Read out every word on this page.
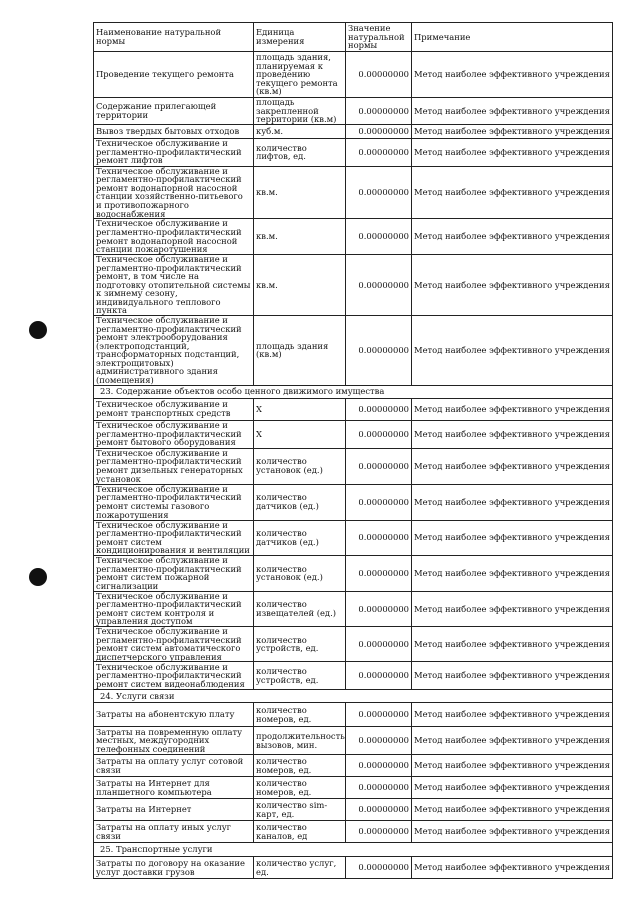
Наименование натуральной нормы	Единица измерения	Значение натуральной нормы	Примечание
Проведение текущего ремонта	площадь здания, планируемая к проведению текущего ремонта (кв.м)	0.00000000	Метод наиболее эффективного учреждения
Содержание прилегающей территории	площадь закрепленной территории (кв.м)	0.00000000	Метод наиболее эффективного учреждения
Вывоз твердых бытовых отходов	куб.м.	0.00000000	Метод наиболее эффективного учреждения
Техническое обслуживание и регламентно-профилактический ремонт лифтов	количество лифтов, ед.	0.00000000	Метод наиболее эффективного учреждения
Техническое обслуживание и регламентно-профилактический ремонт водонапорной насосной станции хозяйственно-питьевого и противопожарного водоснабжения	кв.м.	0.00000000	Метод наиболее эффективного учреждения
Техническое обслуживание и регламентно-профилактический ремонт водонапорной насосной станции пожаротушения	кв.м.	0.00000000	Метод наиболее эффективного учреждения
Техническое обслуживание и регламентно-профилактический ремонт, в том числе на подготовку отопительной системы к зимнему сезону, индивидуального теплового пункта	кв.м.	0.00000000	Метод наиболее эффективного учреждения
Техническое обслуживание и регламентно-профилактический ремонт электрооборудования (электроподстанций, трансформаторных подстанций, электрощитовых) административного здания (помещения)	площадь здания (кв.м)	0.00000000	Метод наиболее эффективного учреждения
23. Содержание объектов особо ценного движимого имущества			
Техническое обслуживание и ремонт транспортных средств	X	0.00000000	Метод наиболее эффективного учреждения
Техническое обслуживание и регламентно-профилактический ремонт бытового оборудования	X	0.00000000	Метод наиболее эффективного учреждения
Техническое обслуживание и регламентно-профилактический ремонт дизельных генераторных установок	количество установок (ед.)	0.00000000	Метод наиболее эффективного учреждения
Техническое обслуживание и регламентно-профилактический ремонт системы газового пожаротушения	количество датчиков (ед.)	0.00000000	Метод наиболее эффективного учреждения
Техническое обслуживание и регламентно-профилактический ремонт систем кондиционирования и вентиляции	количество датчиков (ед.)	0.00000000	Метод наиболее эффективного учреждения
Техническое обслуживание и регламентно-профилактический ремонт систем пожарной сигнализации	количество установок (ед.)	0.00000000	Метод наиболее эффективного учреждения
Техническое обслуживание и регламентно-профилактический ремонт систем контроля и управления доступом	количество извещателей (ед.)	0.00000000	Метод наиболее эффективного учреждения
Техническое обслуживание и регламентно-профилактический ремонт систем автоматического диспетчерского управления	количество устройств, ед.	0.00000000	Метод наиболее эффективного учреждения
Техническое обслуживание и регламентно-профилактический ремонт систем видеонаблюдения	количество устройств, ед.	0.00000000	Метод наиболее эффективного учреждения
24. Услуги связи			
Затраты на абонентскую плату	количество номеров, ед.	0.00000000	Метод наиболее эффективного учреждения
Затраты на повременную оплату местных, междугородних телефонных соединений	продолжительность вызовов, мин.	0.00000000	Метод наиболее эффективного учреждения
Затраты на оплату услуг сотовой связи	количество номеров, ед.	0.00000000	Метод наиболее эффективного учреждения
Затраты на Интернет для планшетного компьютера	количество номеров, ед.	0.00000000	Метод наиболее эффективного учреждения
Затраты на Интернет	количество sim-карт, ед.	0.00000000	Метод наиболее эффективного учреждения
Затраты на оплату иных услуг связи	количество каналов, ед	0.00000000	Метод наиболее эффективного учреждения
25. Транспортные услуги			
Затраты по договору на оказание услуг доставки грузов	количество услуг, ед.	0.00000000	Метод наиболее эффективного учреждения
